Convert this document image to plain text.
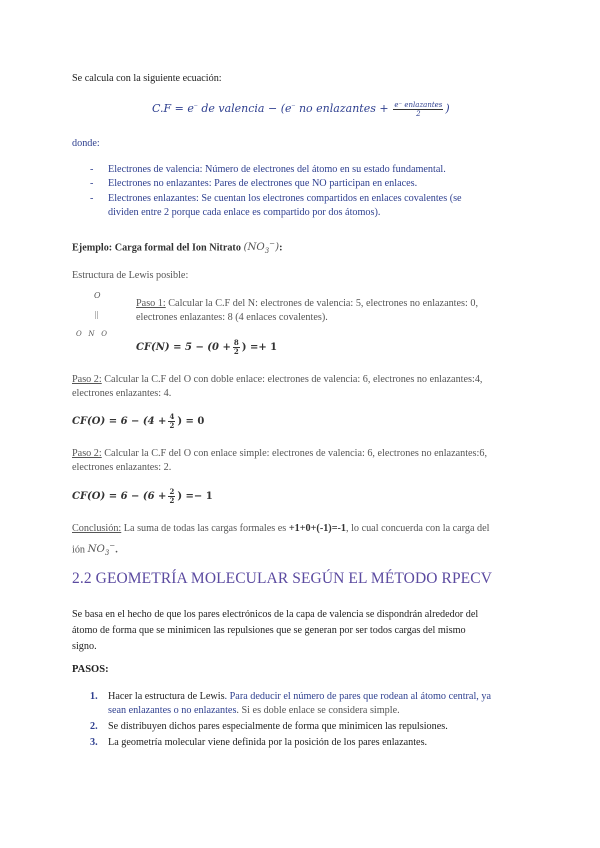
Se calcula con la siguiente ecuación:
C.F = e− de valencia − (e− no enlazantes + $\frac{\text{e⁻ enlazantes}}{2}$ )
donde:
- Electrones de valencia: Número de electrones del átomo en su estado fundamental.
- Electrones no enlazantes: Pares de electrones que NO participan en enlaces.
- Electrones enlazantes: Se cuentan los electrones compartidos en enlaces covalentes (se
dividen entre 2 porque cada enlace es compartido por dos átomos).
Ejemplo: Carga formal del Ion Nitrato $(NO_3^-)$:
Estructura de Lewis posible:
O
||
O   N   O
Paso 1: Calcular la C.F del N: electrones de valencia: 5, electrones no enlazantes: 0,
electrones enlazantes: 8 (4 enlaces covalentes).
$CF(N) = 5 - (0 + \frac{8}{2}$ ) =+ 1
Paso 2: Calcular la C.F del O con doble enlace: electrones de valencia: 6, electrones no enlazantes:4,
electrones enlazantes: 4.
$CF(O) = 6 - (4 + \frac{4}{2}$ ) = 0
Paso 2: Calcular la C.F del O con enlace simple: electrones de valencia: 6, electrones no enlazantes:6,
electrones enlazantes: 2.
$CF(O) = 6 - (6 + \frac{2}{2}$ ) =− 1
Conclusión: La suma de todas las cargas formales es +1+0+(-1)=-1, lo cual concuerda con la carga del
ión $NO_3^-$.
2.2 GEOMETRÍA MOLECULAR SEGÚN EL MÉTODO RPECV
Se basa en el hecho de que los pares electrónicos de la capa de valencia se dispondrán alrededor del
átomo de forma que se minimicen las repulsiones que se generan por ser todos cargas del mismo
signo.
PASOS:
1. Hacer la estructura de Lewis. Para deducir el número de pares que rodean al átomo central, ya
sean enlazantes o no enlazantes. Si es doble enlace se considera simple.
2. Se distribuyen dichos pares especialmente de forma que minimicen las repulsiones.
3. La geometría molecular viene definida por la posición de los pares enlazantes.
